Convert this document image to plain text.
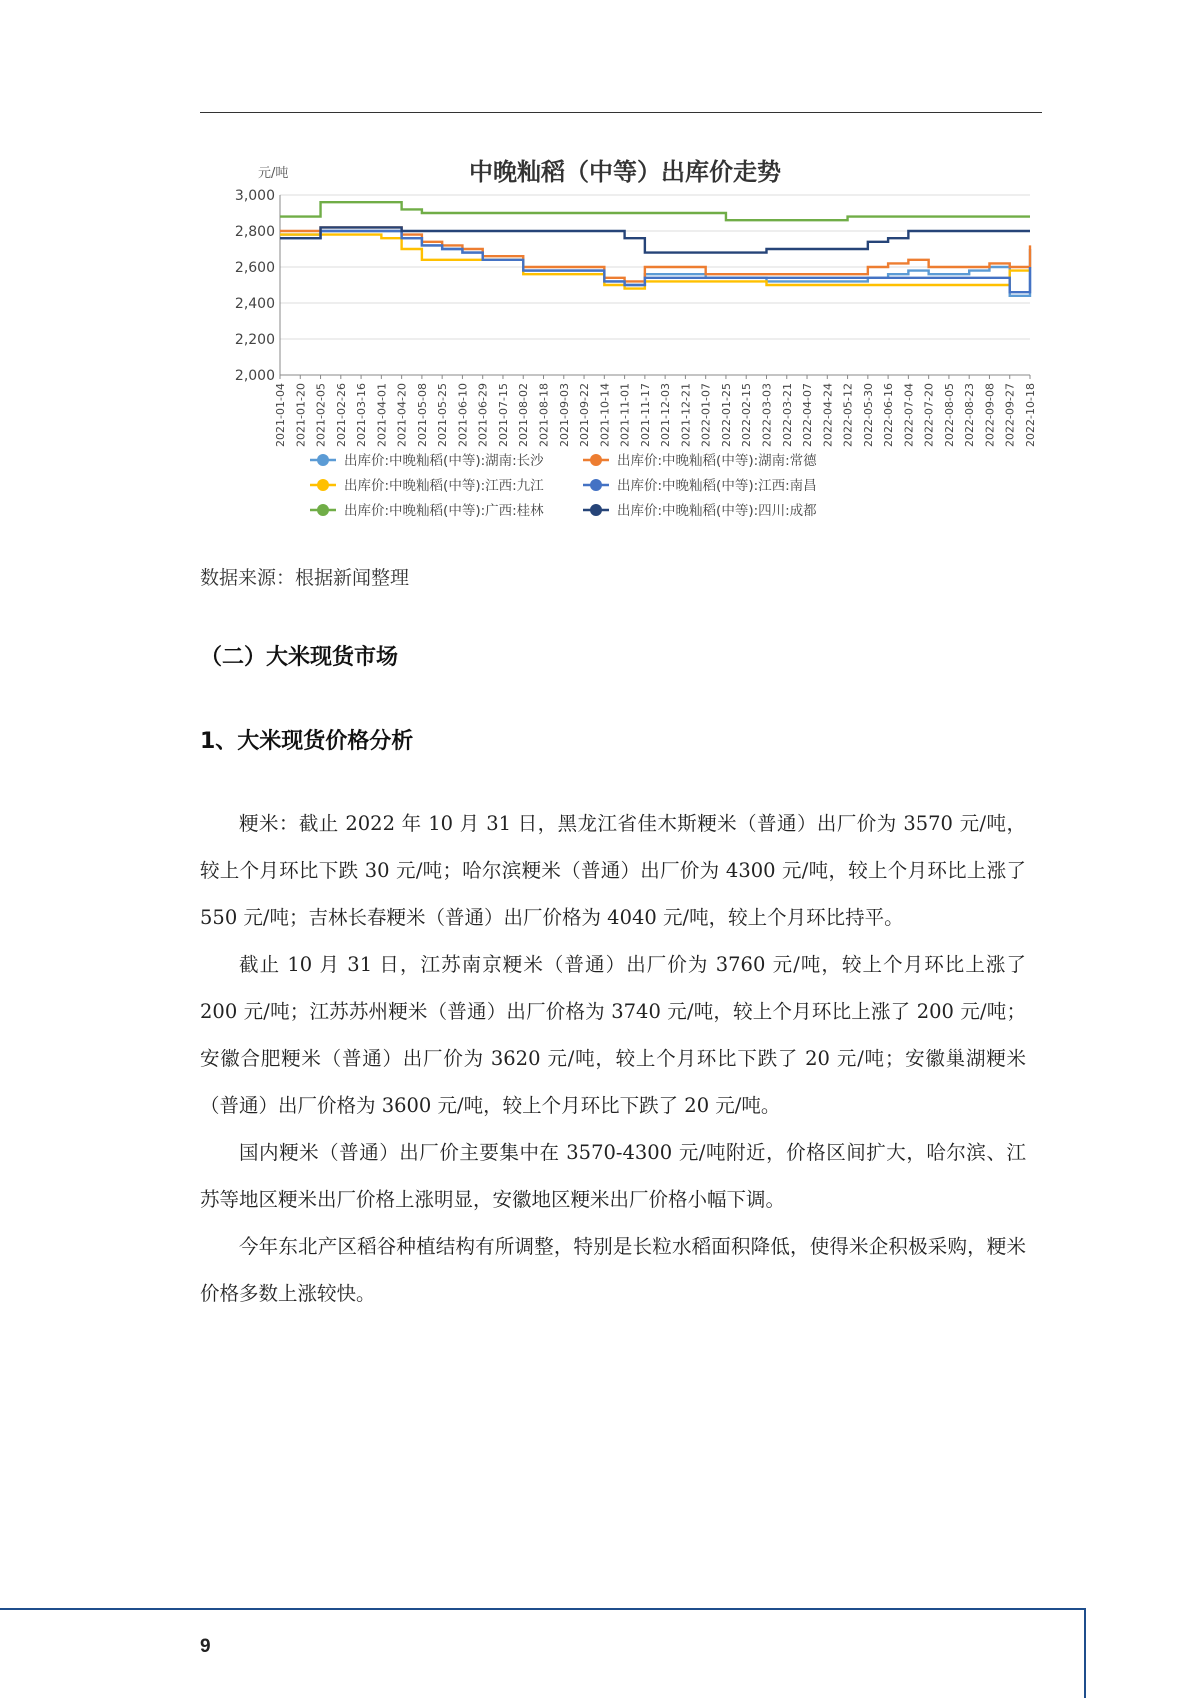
中晚籼稻（中等）出库价走势
元/吨
2,000
2,200
2,400
2,600
2,800
3,000
2021-01-04 2021-01-20 2021-02-05 2021-02-26 2021-03-16 2021-04-01 2021-04-20 2021-05-08 2021-05-25 2021-06-10 2021-06-29 2021-07-15 2021-08-02 2021-08-18 2021-09-03 2021-09-22 2021-10-14 2021-11-01 2021-11-17 2021-12-03 2021-12-21 2022-01-07 2022-01-25 2022-02-15 2022-03-03 2022-03-21 2022-04-07 2022-04-24 2022-05-12 2022-05-30 2022-06-16 2022-07-04 2022-07-20 2022-08-05 2022-08-23 2022-09-08 2022-09-27 2022-10-18
出库价:中晚籼稻(中等):湖南:长沙	出库价:中晚籼稻(中等):湖南:常德
出库价:中晚籼稻(中等):江西:九江	出库价:中晚籼稻(中等):江西:南昌
出库价:中晚籼稻(中等):广西:桂林	出库价:中晚籼稻(中等):四川:成都
数据来源：根据新闻整理
（二）大米现货市场
1、大米现货价格分析

粳米：截止 2022 年 10 月 31 日，黑龙江省佳木斯粳米（普通）出厂价为 3570 元/吨，较上个月环比下跌 30 元/吨；哈尔滨粳米（普通）出厂价为 4300 元/吨，较上个月环比上涨了 550 元/吨；吉林长春粳米（普通）出厂价格为 4040 元/吨，较上个月环比持平。

截止 10 月 31 日，江苏南京粳米（普通）出厂价为 3760 元/吨，较上个月环比上涨了 200 元/吨；江苏苏州粳米（普通）出厂价格为 3740 元/吨，较上个月环比上涨了 200 元/吨；安徽合肥粳米（普通）出厂价为 3620 元/吨，较上个月环比下跌了 20 元/吨；安徽巢湖粳米（普通）出厂价格为 3600 元/吨，较上个月环比下跌了 20 元/吨。

国内粳米（普通）出厂价主要集中在 3570-4300 元/吨附近，价格区间扩大，哈尔滨、江苏等地区粳米出厂价格上涨明显，安徽地区粳米出厂价格小幅下调。

今年东北产区稻谷种植结构有所调整，特别是长粒水稻面积降低，使得米企积极采购，粳米价格多数上涨较快。

9
